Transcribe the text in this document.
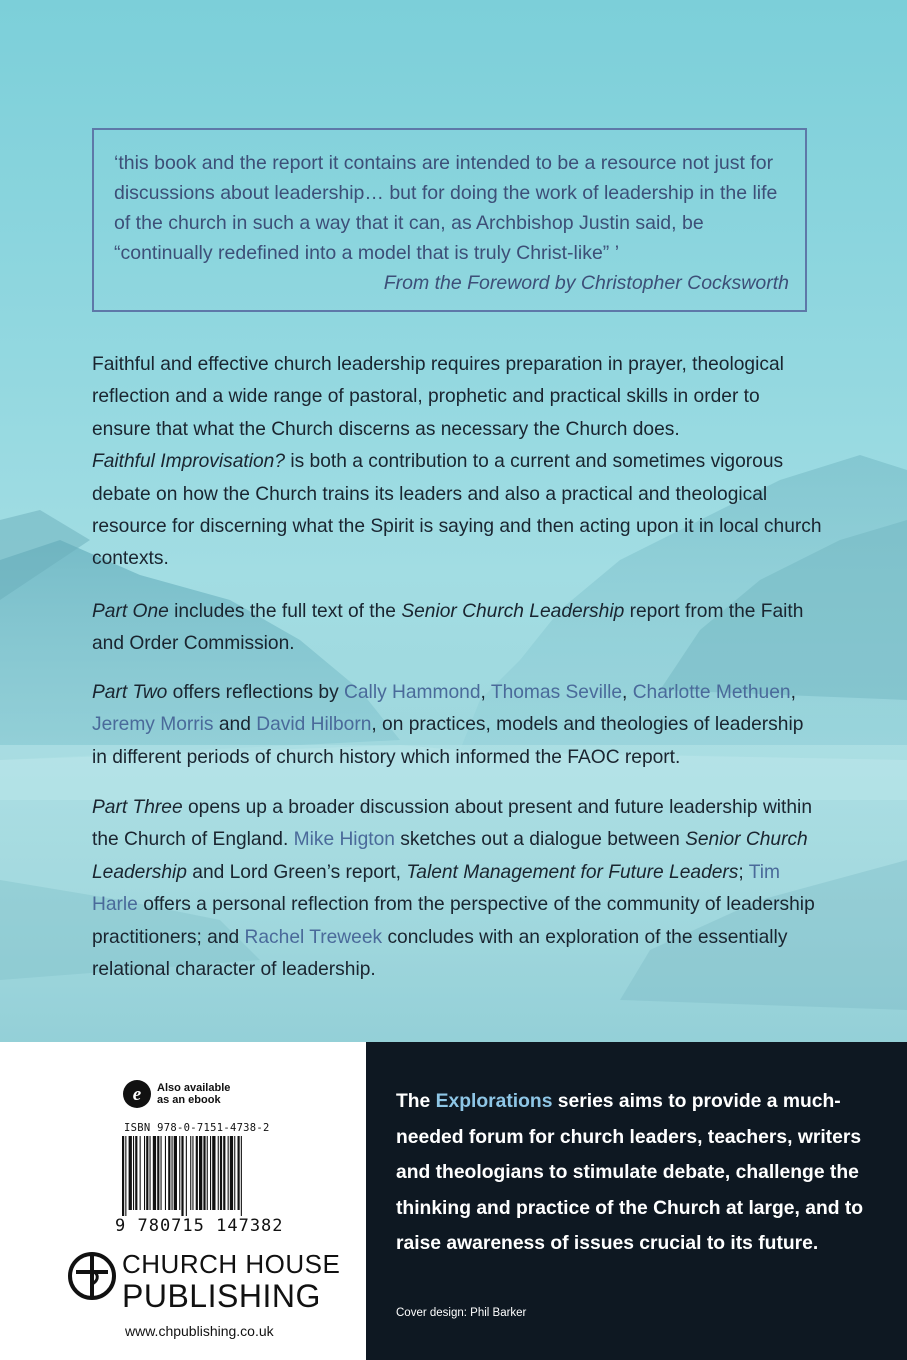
‘this book and the report it contains are intended to be a resource not just for discussions about leadership… but for doing the work of leadership in the life of the church in such a way that it can, as Archbishop Justin said, be “continually redefined into a model that is truly Christ-like” ’
From the Foreword by Christopher Cocksworth
Faithful and effective church leadership requires preparation in prayer, theological reflection and a wide range of pastoral, prophetic and practical skills in order to ensure that what the Church discerns as necessary the Church does.
Faithful Improvisation? is both a contribution to a current and sometimes vigorous debate on how the Church trains its leaders and also a practical and theological resource for discerning what the Spirit is saying and then acting upon it in local church contexts.
Part One includes the full text of the Senior Church Leadership report from the Faith and Order Commission.
Part Two offers reflections by Cally Hammond, Thomas Seville, Charlotte Methuen, Jeremy Morris and David Hilborn, on practices, models and theologies of leadership in different periods of church history which informed the FAOC report.
Part Three opens up a broader discussion about present and future leadership within the Church of England. Mike Higton sketches out a dialogue between Senior Church Leadership and Lord Green’s report, Talent Management for Future Leaders; Tim Harle offers a personal reflection from the perspective of the community of leadership practitioners; and Rachel Treweek concludes with an exploration of the essentially relational character of leadership.
e Also available
as an ebook
ISBN 978-0-7151-4738-2
9 780715 147382
CHURCH HOUSE
PUBLISHING
www.chpublishing.co.uk
The Explorations series aims to provide a much-needed forum for church leaders, teachers, writers and theologians to stimulate debate, challenge the thinking and practice of the Church at large, and to raise awareness of issues crucial to its future.
Cover design: Phil Barker
